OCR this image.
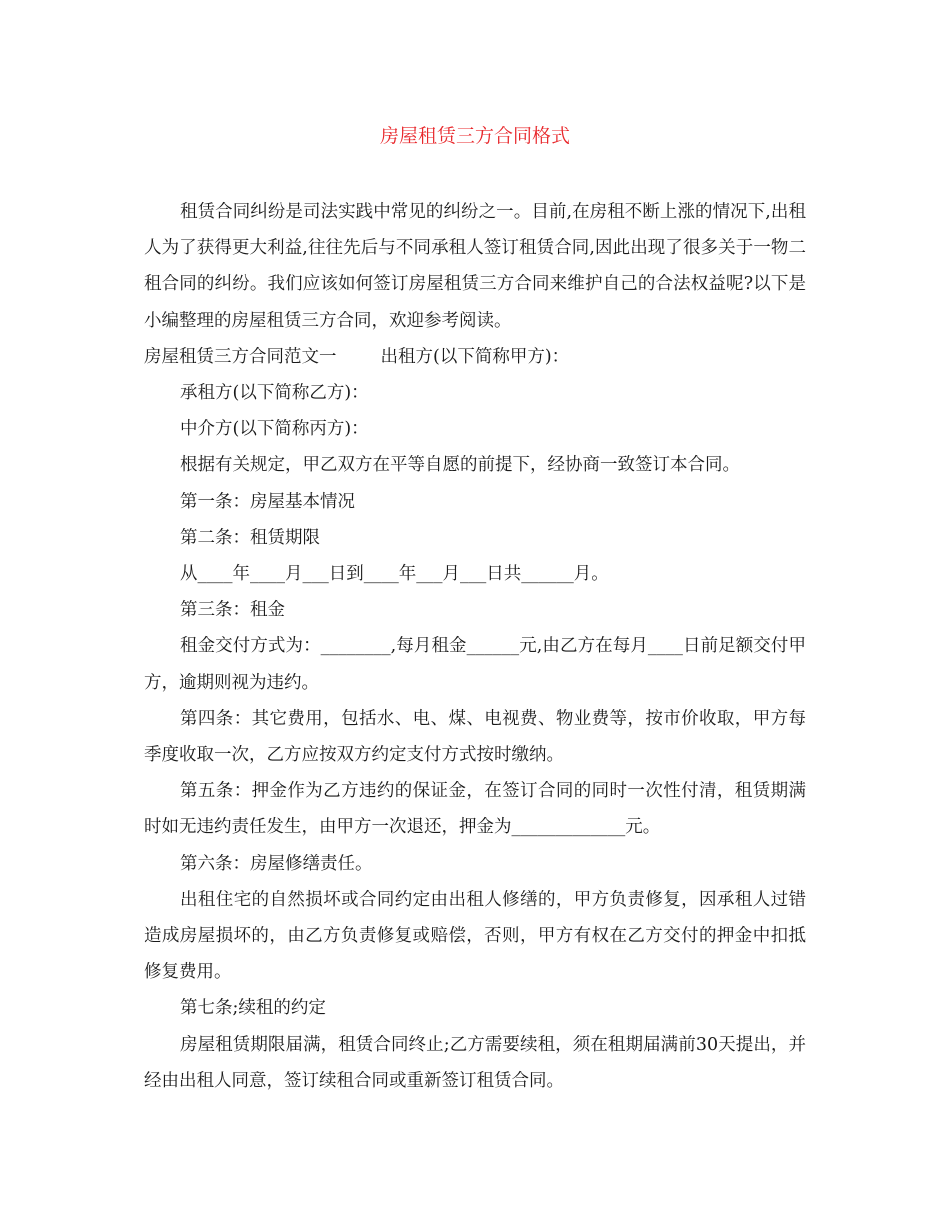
房屋租赁三方合同格式

租赁合同纠纷是司法实践中常见的纠纷之一。目前,在房租不断上涨的情况下,出租人为了获得更大利益,往往先后与不同承租人签订租赁合同,因此出现了很多关于一物二租合同的纠纷。我们应该如何签订房屋租赁三方合同来维护自己的合法权益呢?以下是小编整理的房屋租赁三方合同，欢迎参考阅读。

房屋租赁三方合同范文一	出租方(以下简称甲方)：

承租方(以下简称乙方)：

中介方(以下简称丙方)：

根据有关规定，甲乙双方在平等自愿的前提下，经协商一致签订本合同。

第一条：房屋基本情况

第二条：租赁期限

从____年____月___日到____年___月___日共______月。

第三条：租金

租金交付方式为：________,每月租金______元,由乙方在每月____日前足额交付甲方，逾期则视为违约。

第四条：其它费用，包括水、电、煤、电视费、物业费等，按市价收取，甲方每季度收取一次，乙方应按双方约定支付方式按时缴纳。

第五条：押金作为乙方违约的保证金，在签订合同的同时一次性付清，租赁期满时如无违约责任发生，由甲方一次退还，押金为_____________元。

第六条：房屋修缮责任。

出租住宅的自然损坏或合同约定由出租人修缮的，甲方负责修复，因承租人过错造成房屋损坏的，由乙方负责修复或赔偿，否则，甲方有权在乙方交付的押金中扣抵修复费用。

第七条;续租的约定

房屋租赁期限届满，租赁合同终止;乙方需要续租，须在租期届满前30天提出，并经由出租人同意，签订续租合同或重新签订租赁合同。
